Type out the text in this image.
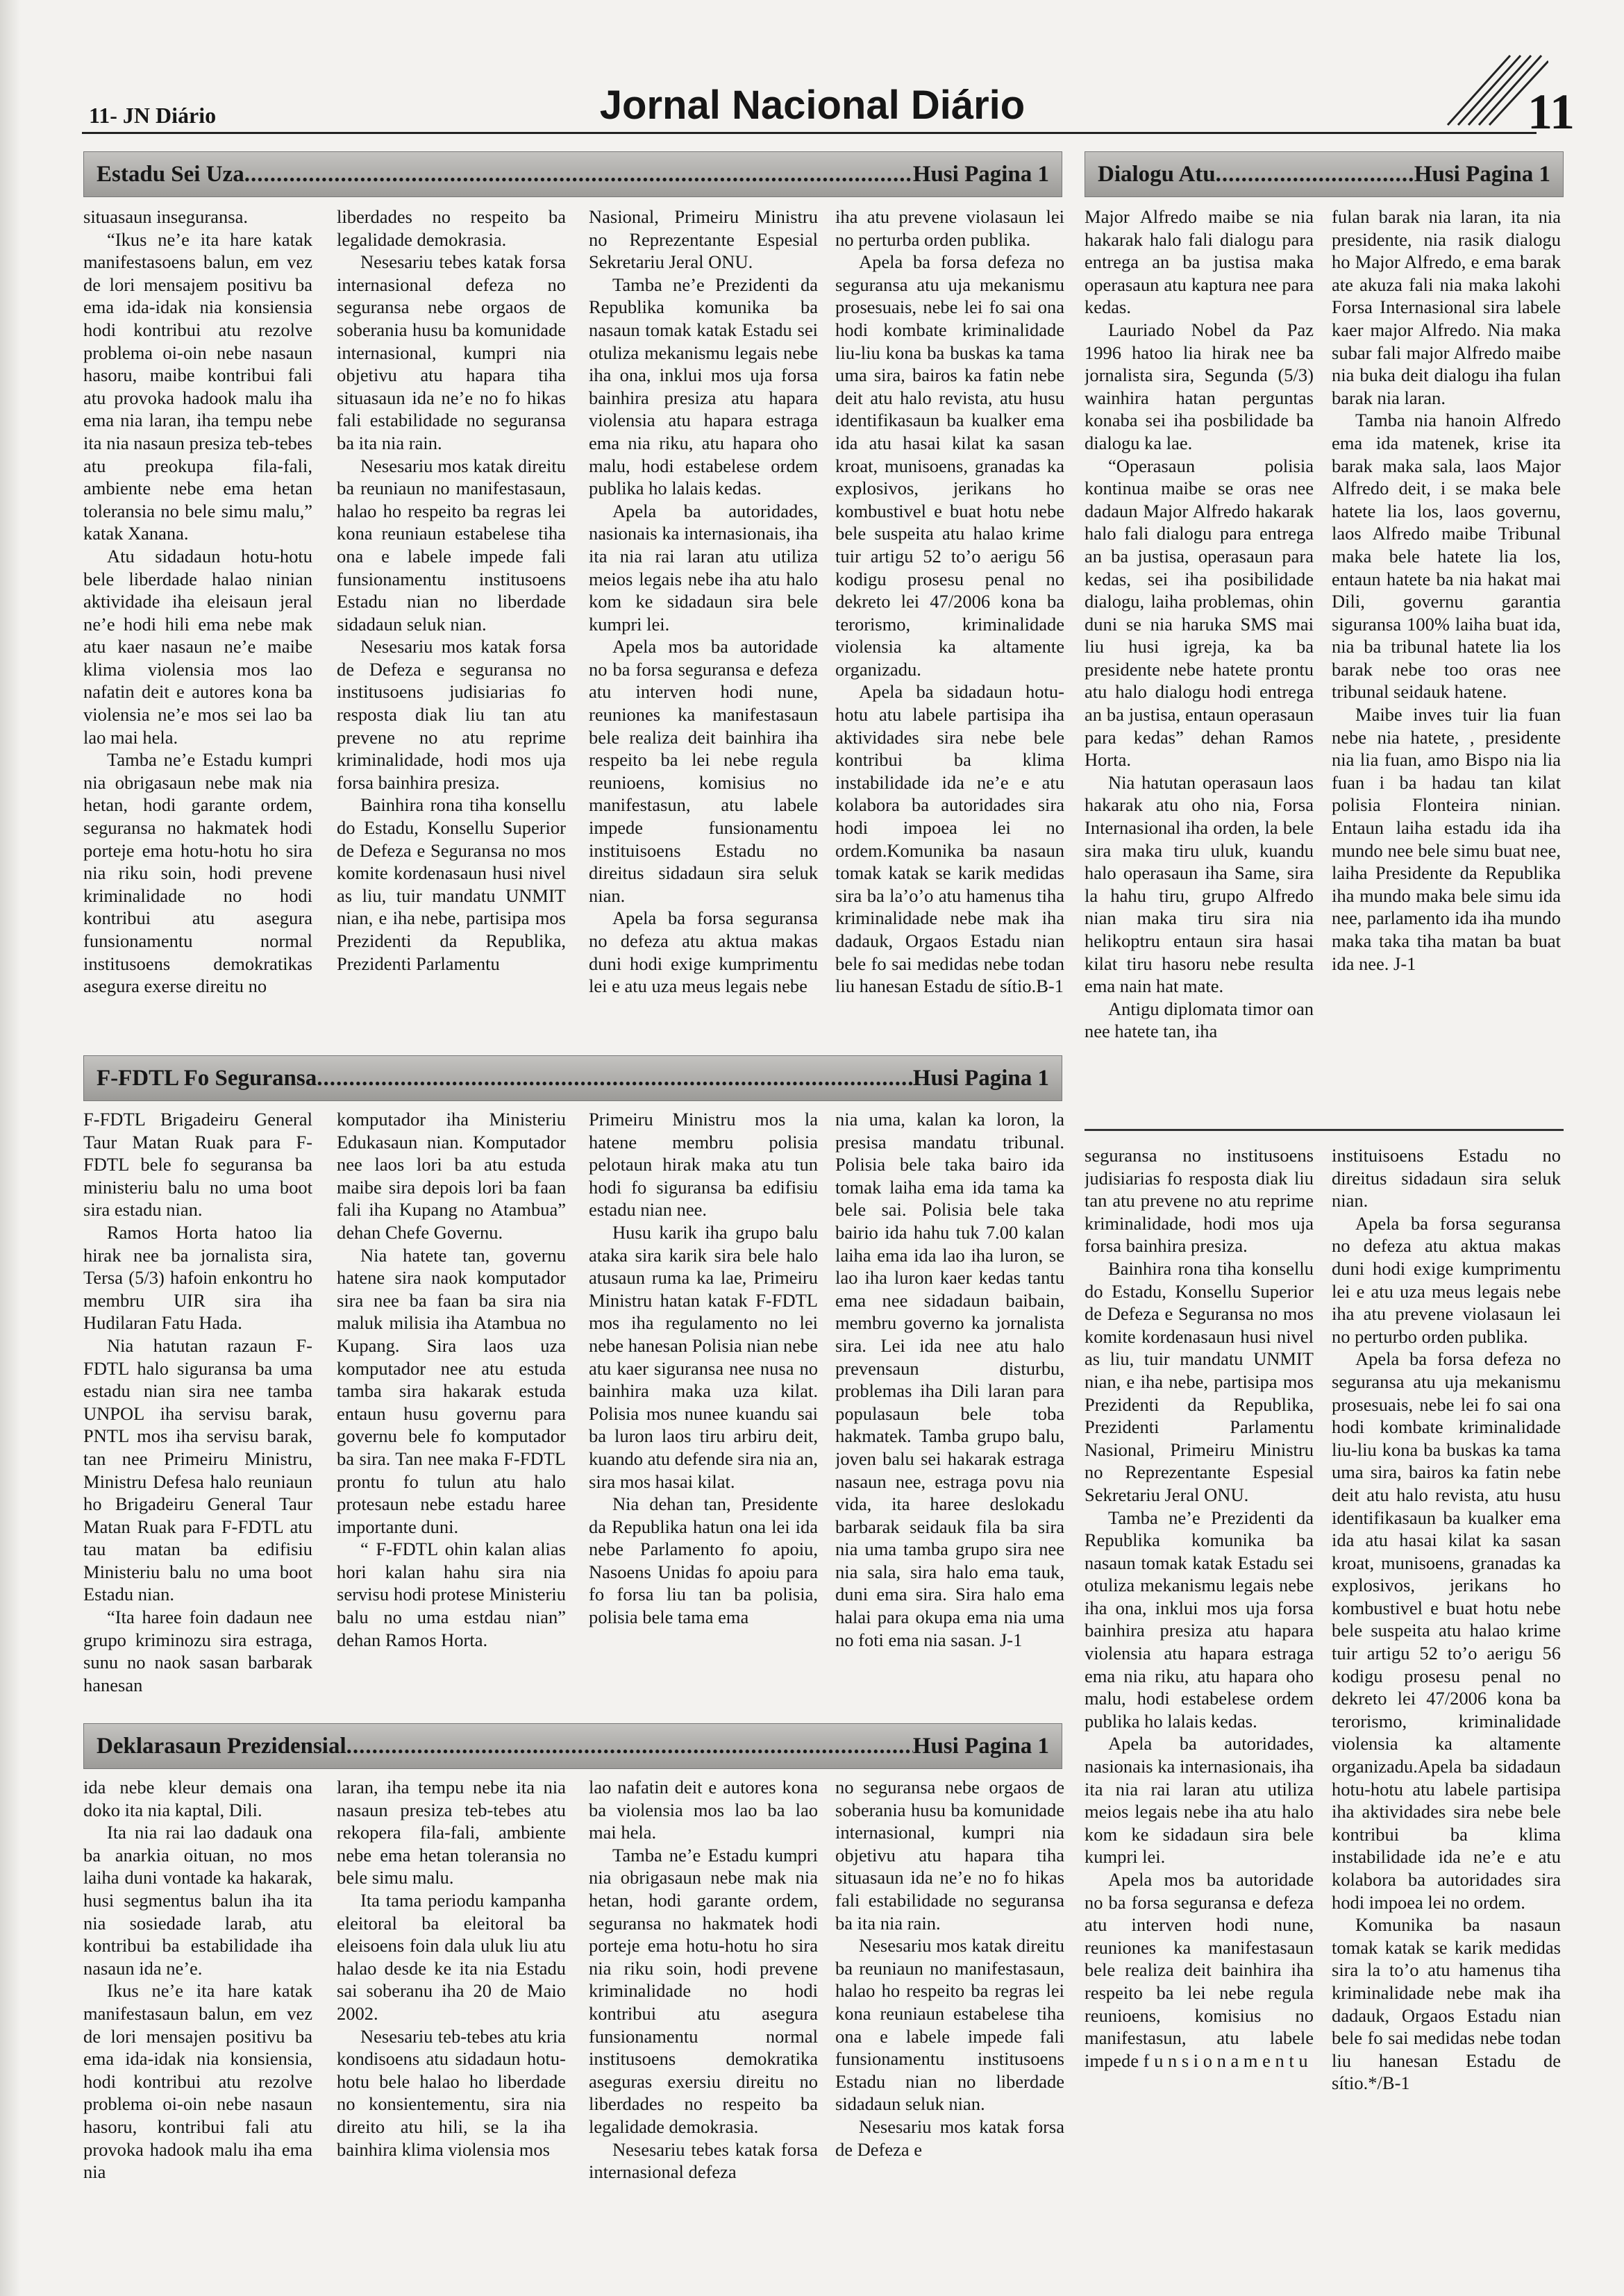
11- JN Diário	Jornal Nacional Diário	11
Estadu Sei Uza .....	Husi Pagina 1 Dialogu Atu .....	Husi Pagina 1

situasaun inseguransa.

“Ikus ne’e ita hare katak manifestasoens balun, em vez de lori mensajem positivu ba ema ida-idak nia konsiensia hodi kontribui atu rezolve problema oi-oin nebe nasaun hasoru, maibe kontribui fali atu provoka hadook malu iha ema nia laran, iha tempu nebe ita nia nasaun presiza teb-tebes atu preokupa fila-fali, ambiente nebe ema hetan toleransia no bele simu malu,” katak Xanana.

Atu sidadaun hotu-hotu bele liberdade halao ninian aktividade iha eleisaun jeral ne’e hodi hili ema nebe mak atu kaer nasaun ne’e maibe klima violensia mos lao nafatin deit e autores kona ba violensia ne’e mos sei lao ba lao mai hela.

Tamba ne’e Estadu kumpri nia obrigasaun nebe mak nia hetan, hodi garante ordem, seguransa no hakmatek hodi porteje ema hotu-hotu ho sira nia riku soin, hodi prevene kriminalidade no hodi kontribui atu asegura funsionamentu normal institusoens demokratikas asegura exerse direitu no

liberdades no respeito ba legalidade demokrasia.

Nesesariu tebes katak forsa internasional defeza no seguransa nebe orgaos de soberania husu ba komunidade internasional, kumpri nia objetivu atu hapara tiha situasaun ida ne’e no fo hikas fali estabilidade no seguransa ba ita nia rain.

Nesesariu mos katak direitu ba reuniaun no manifestasaun, halao ho respeito ba regras lei kona reuniaun estabelese tiha ona e labele impede fali funsionamentu institusoens Estadu nian no liberdade sidadaun seluk nian.

Nesesariu mos katak forsa de Defeza e seguransa no institusoens judisiarias fo resposta diak liu tan atu prevene no atu reprime kriminalidade, hodi mos uja forsa bainhira presiza.

Bainhira rona tiha konsellu do Estadu, Konsellu Superior de Defeza e Seguransa no mos komite kordenasaun husi nivel as liu, tuir mandatu UNMIT nian, e iha nebe, partisipa mos Prezidenti da Republika, Prezidenti Parlamentu

Nasional, Primeiru Ministru no Reprezentante Espesial Sekretariu Jeral ONU.

Tamba ne’e Prezidenti da Republika komunika ba nasaun tomak katak Estadu sei otuliza mekanismu legais nebe iha ona, inklui mos uja forsa bainhira presiza atu hapara violensia atu hapara estraga ema nia riku, atu hapara oho malu, hodi estabelese ordem publika ho lalais kedas.

Apela ba autoridades, nasionais ka internasionais, iha ita nia rai laran atu utiliza meios legais nebe iha atu halo kom ke sidadaun sira bele kumpri lei.

Apela mos ba autoridade no ba forsa seguransa e defeza atu interven hodi nune, reuniones ka manifestasaun bele realiza deit bainhira iha respeito ba lei nebe regula reunioens, komisius no manifestasun, atu labele impede funsionamentu instituisoens Estadu no direitus sidadaun sira seluk nian.

Apela ba forsa seguransa no defeza atu aktua makas duni hodi exige kumprimentu lei e atu uza meus legais nebe

iha atu prevene violasaun lei no perturba orden publika.

Apela ba forsa defeza no seguransa atu uja mekanismu prosesuais, nebe lei fo sai ona hodi kombate kriminalidade liu-liu kona ba buskas ka tama uma sira, bairos ka fatin nebe deit atu halo revista, atu husu identifikasaun ba kualker ema ida atu hasai kilat ka sasan kroat, munisoens, granadas ka explosivos, jerikans ho kombustivel e buat hotu nebe bele suspeita atu halao krime tuir artigu 52 to’o aerigu 56 kodigu prosesu penal no dekreto lei 47/2006 kona ba terorismo, kriminalidade violensia ka altamente organizadu.

Apela ba sidadaun hotu-hotu atu labele partisipa iha aktividades sira nebe bele kontribui ba klima instabilidade ida ne’e e atu kolabora ba autoridades sira hodi impoea lei no ordem.Komunika ba nasaun tomak katak se karik medidas sira ba la’o’o atu hamenus tiha kriminalidade nebe mak iha dadauk, Orgaos Estadu nian bele fo sai medidas nebe todan liu hanesan Estadu de sítio.B-1

Major Alfredo maibe se nia hakarak halo fali dialogu para entrega an ba justisa maka operasaun atu kaptura nee para kedas.

Lauriado Nobel da Paz 1996 hatoo lia hirak nee ba jornalista sira, Segunda (5/3) wainhira hatan perguntas konaba sei iha posbilidade ba dialogu ka lae.

“Operasaun polisia kontinua maibe se oras nee dadaun Major Alfredo hakarak halo fali dialogu para entrega an ba justisa, operasaun para kedas, sei iha posibilidade dialogu, laiha problemas, ohin duni se nia haruka SMS mai liu husi igreja, ka ba presidente nebe hatete prontu atu halo dialogu hodi entrega an ba justisa, entaun operasaun para kedas” dehan Ramos Horta.

Nia hatutan operasaun laos hakarak atu oho nia, Forsa Internasional iha orden, la bele sira maka tiru uluk, kuandu halo operasaun iha Same, sira la hahu tiru, grupo Alfredo nian maka tiru sira nia helikoptru entaun sira hasai kilat tiru hasoru nebe resulta ema nain hat mate.

Antigu diplomata timor oan nee hatete tan, iha

fulan barak nia laran, ita nia presidente, nia rasik dialogu ho Major Alfredo, e ema barak ate akuza fali nia maka lakohi Forsa Internasional sira labele kaer major Alfredo. Nia maka subar fali major Alfredo maibe nia buka deit dialogu iha fulan barak nia laran.

Tamba nia hanoin Alfredo ema ida matenek, krise ita barak maka sala, laos Major Alfredo deit, i se maka bele hatete lia los, laos governu, laos Alfredo maibe Tribunal maka bele hatete lia los, entaun hatete ba nia hakat mai Dili, governu garantia siguransa 100% laiha buat ida, nia ba tribunal hatete lia los barak nebe too oras nee tribunal seidauk hatene.

Maibe inves tuir lia fuan nebe nia hatete, , presidente nia lia fuan, amo Bispo nia lia fuan i ba hadau tan kilat polisia Flonteira ninian. Entaun laiha estadu ida iha mundo nee bele simu buat nee, laiha Presidente da Republika iha mundo maka bele simu ida nee, parlamento ida iha mundo maka taka tiha matan ba buat ida nee. J-1

F-FDTL Fo Seguransa .....	Husi Pagina 1

F-FDTL Brigadeiru General Taur Matan Ruak para F-FDTL bele fo seguransa ba ministeriu balu no uma boot sira estadu nian.

Ramos Horta hatoo lia hirak nee ba jornalista sira, Tersa (5/3) hafoin enkontru ho membru UIR sira iha Hudilaran Fatu Hada.

Nia hatutan razaun F-FDTL halo siguransa ba uma estadu nian sira nee tamba UNPOL iha servisu barak, PNTL mos iha servisu barak, tan nee Primeiru Ministru, Ministru Defesa halo reuniaun ho Brigadeiru General Taur Matan Ruak para F-FDTL atu tau matan ba edifisiu Ministeriu balu no uma boot Estadu nian.

“Ita haree foin dadaun nee grupo kriminozu sira estraga, sunu no naok sasan barbarak hanesan

komputador iha Ministeriu Edukasaun nian. Komputador nee laos lori ba atu estuda maibe sira depois lori ba faan fali iha Kupang no Atambua” dehan Chefe Governu.

Nia hatete tan, governu hatene sira naok komputador sira nee ba faan ba sira nia maluk milisia iha Atambua no Kupang. Sira laos uza komputador nee atu estuda tamba sira hakarak estuda entaun husu governu para governu bele fo komputador ba sira. Tan nee maka F-FDTL prontu fo tulun atu halo protesaun nebe estadu haree importante duni.

“ F-FDTL ohin kalan alias hori kalan hahu sira nia servisu hodi protese Ministeriu balu no uma estdau nian” dehan Ramos Horta.

Primeiru Ministru mos la hatene membru polisia pelotaun hirak maka atu tun hodi fo siguransa ba edifisiu estadu nian nee.

Husu karik iha grupo balu ataka sira karik sira bele halo atusaun ruma ka lae, Primeiru Ministru hatan katak F-FDTL mos iha regulamento no lei nebe hanesan Polisia nian nebe atu kaer siguransa nee nusa no bainhira maka uza kilat. Polisia mos nunee kuandu sai ba luron laos tiru arbiru deit, kuando atu defende sira nia an, sira mos hasai kilat.

Nia dehan tan, Presidente da Republika hatun ona lei ida nebe Parlamento fo apoiu, Nasoens Unidas fo apoiu para fo forsa liu tan ba polisia, polisia bele tama ema

nia uma, kalan ka loron, la presisa mandatu tribunal. Polisia bele taka bairo ida tomak laiha ema ida tama ka bele sai. Polisia bele taka bairio ida hahu tuk 7.00 kalan laiha ema ida lao iha luron, se lao iha luron kaer kedas tantu ema nee sidadaun baibain, membru governo ka jornalista sira. Lei ida nee atu halo prevensaun disturbu, problemas iha Dili laran para populasaun bele toba hakmatek. Tamba grupo balu, joven balu sei hakarak estraga nasaun nee, estraga povu nia vida, ita haree deslokadu barbarak seidauk fila ba sira nia uma tamba grupo sira nee nia sala, sira halo ema tauk, duni ema sira. Sira halo ema halai para okupa ema nia uma no foti ema nia sasan. J-1

seguransa no institusoens judisiarias fo resposta diak liu tan atu prevene no atu reprime kriminalidade, hodi mos uja forsa bainhira presiza.

Bainhira rona tiha konsellu do Estadu, Konsellu Superior de Defeza e Seguransa no mos komite kordenasaun husi nivel as liu, tuir mandatu UNMIT nian, e iha nebe, partisipa mos Prezidenti da Republika, Prezidenti Parlamentu Nasional, Primeiru Ministru no Reprezentante Espesial Sekretariu Jeral ONU.

Tamba ne’e Prezidenti da Republika komunika ba nasaun tomak katak Estadu sei otuliza mekanismu legais nebe iha ona, inklui mos uja forsa bainhira presiza atu hapara violensia atu hapara estraga ema nia riku, atu hapara oho malu, hodi estabelese ordem publika ho lalais kedas.

Apela ba autoridades, nasionais ka internasionais, iha ita nia rai laran atu utiliza meios legais nebe iha atu halo kom ke sidadaun sira bele kumpri lei.

Apela mos ba autoridade no ba forsa seguransa e defeza atu interven hodi nune, reuniones ka manifestasaun bele realiza deit bainhira iha respeito ba lei nebe regula reunioens, komisius no manifestasun, atu labele impede f u n s i o n a m e n t u

instituisoens Estadu no direitus sidadaun sira seluk nian.

Apela ba forsa seguransa no defeza atu aktua makas duni hodi exige kumprimentu lei e atu uza meus legais nebe iha atu prevene violasaun lei no perturbo orden publika.

Apela ba forsa defeza no seguransa atu uja mekanismu prosesuais, nebe lei fo sai ona hodi kombate kriminalidade liu-liu kona ba buskas ka tama uma sira, bairos ka fatin nebe deit atu halo revista, atu husu identifikasaun ba kualker ema ida atu hasai kilat ka sasan kroat, munisoens, granadas ka explosivos, jerikans ho kombustivel e buat hotu nebe bele suspeita atu halao krime tuir artigu 52 to’o aerigu 56 kodigu prosesu penal no dekreto lei 47/2006 kona ba terorismo, kriminalidade violensia ka altamente organizadu.Apela ba sidadaun hotu-hotu atu labele partisipa iha aktividades sira nebe bele kontribui ba klima instabilidade ida ne’e e atu kolabora ba autoridades sira hodi impoea lei no ordem.

Komunika ba nasaun tomak katak se karik medidas sira la to’o atu hamenus tiha kriminalidade nebe mak iha dadauk, Orgaos Estadu nian bele fo sai medidas nebe todan liu hanesan Estadu de sítio.*/B-1

Deklarasaun Prezidensial .....	Husi Pagina 1

ida nebe kleur demais ona doko ita nia kaptal, Dili.

Ita nia rai lao dadauk ona ba anarkia oituan, no mos laiha duni vontade ka hakarak, husi segmentus balun iha ita nia sosiedade larab, atu kontribui ba estabilidade iha nasaun ida ne’e.

Ikus ne’e ita hare katak manifestasaun balun, em vez de lori mensajen positivu ba ema ida-idak nia konsiensia, hodi kontribui atu rezolve problema oi-oin nebe nasaun hasoru, kontribui fali atu provoka hadook malu iha ema nia

laran, iha tempu nebe ita nia nasaun presiza teb-tebes atu rekopera fila-fali, ambiente nebe ema hetan toleransia no bele simu malu.

Ita tama periodu kampanha eleitoral ba eleitoral ba eleisoens foin dala uluk liu atu halao desde ke ita nia Estadu sai soberanu iha 20 de Maio 2002.

Nesesariu teb-tebes atu kria kondisoens atu sidadaun hotu-hotu bele halao ho liberdade no konsientementu, sira nia direito atu hili, se la iha bainhira klima violensia mos

lao nafatin deit e autores kona ba violensia mos lao ba lao mai hela.

Tamba ne’e Estadu kumpri nia obrigasaun nebe mak nia hetan, hodi garante ordem, seguransa no hakmatek hodi porteje ema hotu-hotu ho sira nia riku soin, hodi prevene kriminalidade no hodi kontribui atu asegura funsionamentu normal institusoens demokratika aseguras exersiu direitu no liberdades no respeito ba legalidade demokrasia.

Nesesariu tebes katak forsa internasional defeza

no seguransa nebe orgaos de soberania husu ba komunidade internasional, kumpri nia objetivu atu hapara tiha situasaun ida ne’e no fo hikas fali estabilidade no seguransa ba ita nia rain.

Nesesariu mos katak direitu ba reuniaun no manifestasaun, halao ho respeito ba regras lei kona reuniaun estabelese tiha ona e labele impede fali funsionamentu institusoens Estadu nian no liberdade sidadaun seluk nian.

Nesesariu mos katak forsa de Defeza e
